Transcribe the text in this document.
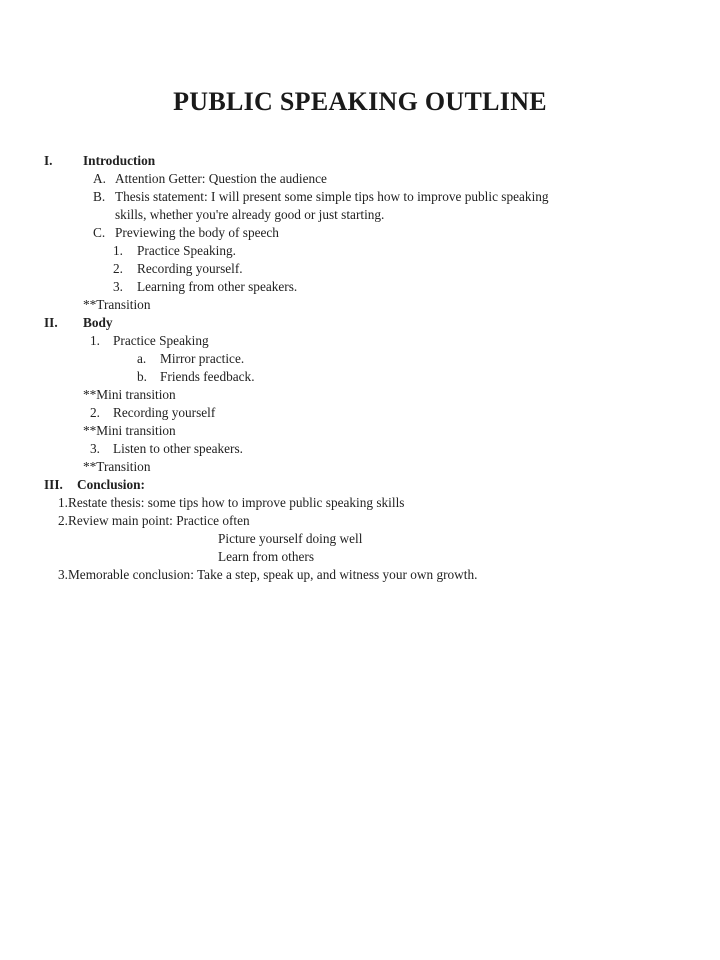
PUBLIC SPEAKING OUTLINE
I. Introduction
A. Attention Getter: Question the audience
B. Thesis statement: I will present some simple tips how to improve public speaking
skills, whether you're already good or just starting.
C. Previewing the body of speech
1. Practice Speaking.
2. Recording yourself.
3. Learning from other speakers.
**Transition
II. Body
1. Practice Speaking
a. Mirror practice.
b. Friends feedback.
**Mini transition
2. Recording yourself
**Mini transition
3. Listen to other speakers.
**Transition
III. Conclusion:
1.Restate thesis: some tips how to improve public speaking skills
2.Review main point: Practice often
Picture yourself doing well
Learn from others
3.Memorable conclusion: Take a step, speak up, and witness your own growth.
